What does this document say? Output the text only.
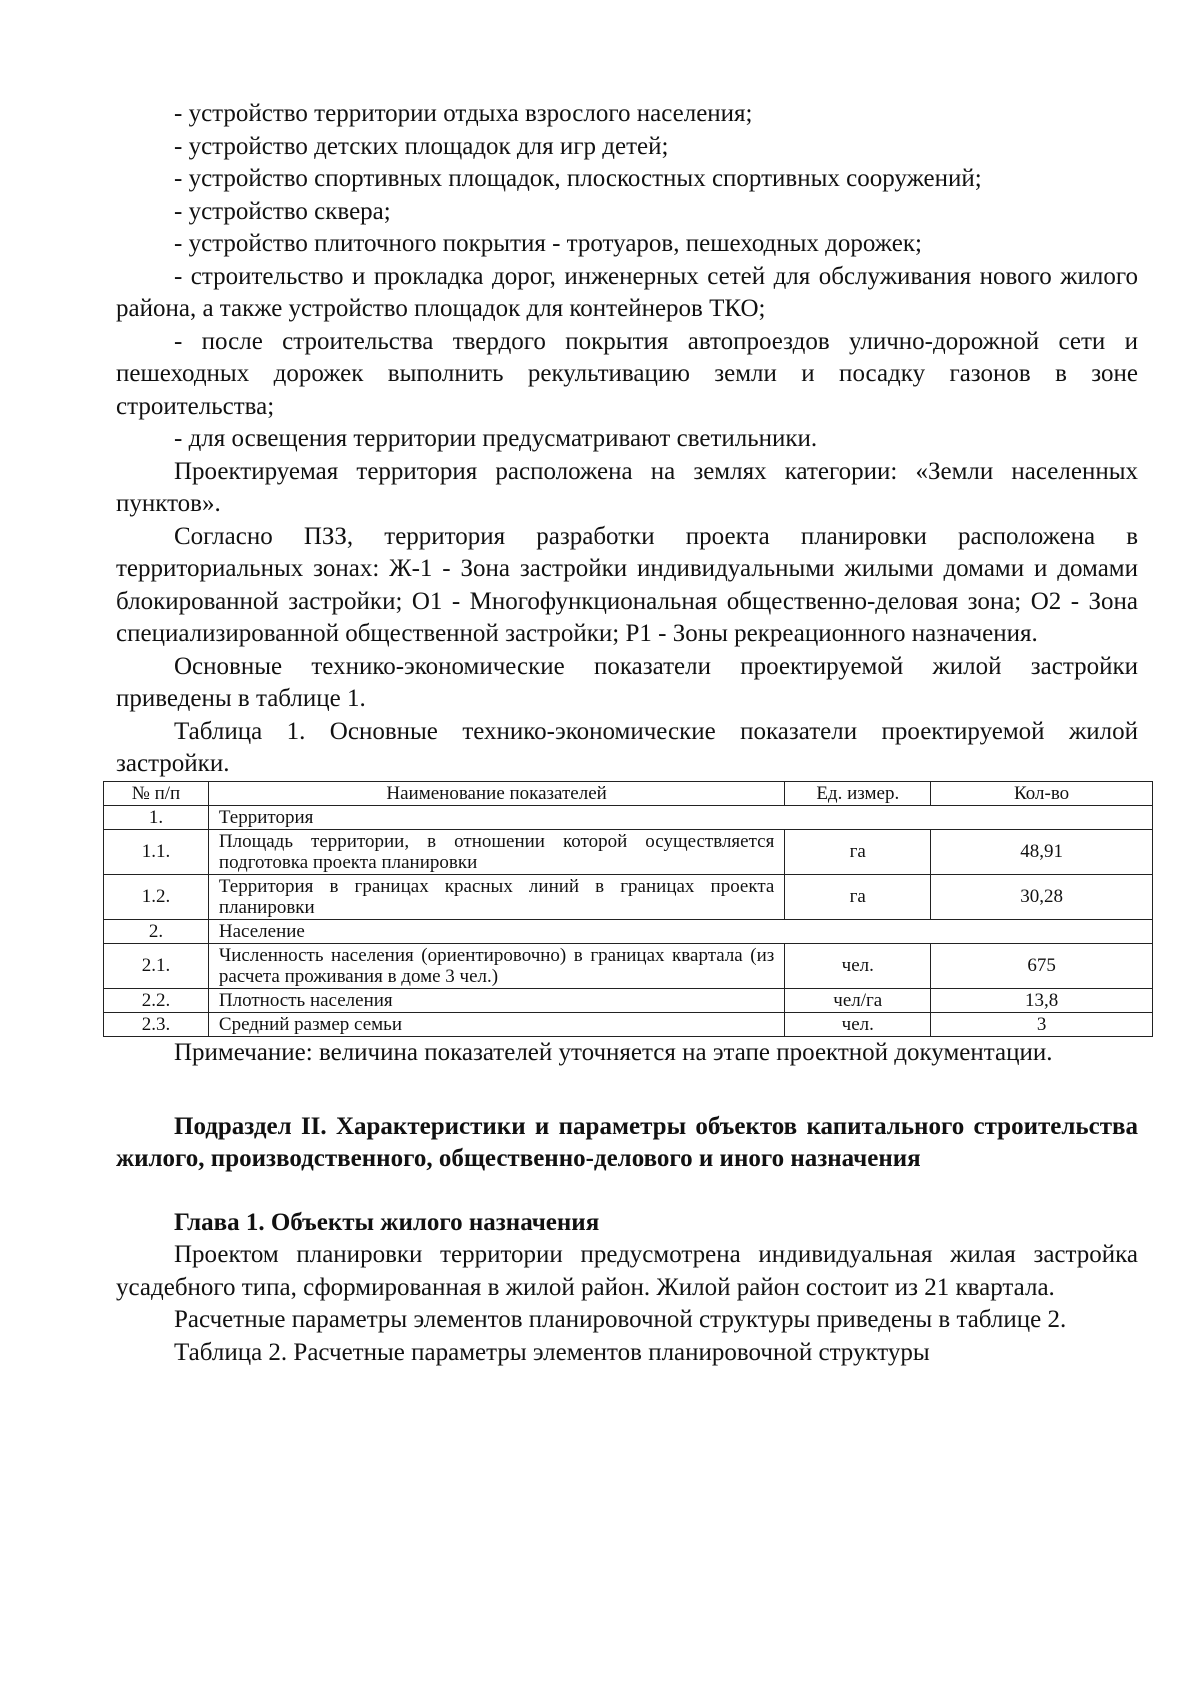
- устройство территории отдыха взрослого населения;

- устройство детских площадок для игр детей;

- устройство спортивных площадок, плоскостных спортивных сооружений;

- устройство сквера;

- устройство плиточного покрытия - тротуаров, пешеходных дорожек;

- строительство и прокладка дорог, инженерных сетей для обслуживания нового жилого района, а также устройство площадок для контейнеров ТКО;

- после строительства твердого покрытия автопроездов улично-дорожной сети и пешеходных дорожек выполнить рекультивацию земли и посадку газонов в зоне строительства;

- для освещения территории предусматривают светильники.

Проектируемая территория расположена на землях категории: «Земли населенных пунктов».

Согласно ПЗЗ, территория разработки проекта планировки расположена в территориальных зонах: Ж-1 - Зона застройки индивидуальными жилыми домами и домами блокированной застройки; О1 - Многофункциональная общественно-деловая зона; О2 - Зона специализированной общественной застройки; Р1 - Зоны рекреационного назначения.

Основные технико-экономические показатели проектируемой жилой застройки приведены в таблице 1.

Таблица 1. Основные технико-экономические показатели проектируемой жилой застройки.

№ п/п	Наименование показателей	Ед. измер.	Кол-во
1.	Территория		
1.1.	Площадь территории, в отношении которой осуществляется подготовка проекта планировки	га	48,91
1.2.	Территория в границах красных линий в границах проекта планировки	га	30,28
2.	Население		
2.1.	Численность населения (ориентировочно) в границах квартала (из расчета проживания в доме 3 чел.)	чел.	675
2.2.	Плотность населения	чел/га	13,8
2.3.	Средний размер семьи	чел.	3

Примечание: величина показателей уточняется на этапе проектной документации.

Подраздел II. Характеристики и параметры объектов капитального строительства жилого, производственного, общественно-делового и иного назначения

Глава 1. Объекты жилого назначения

Проектом планировки территории предусмотрена индивидуальная жилая застройка усадебного типа, сформированная в жилой район. Жилой район состоит из 21 квартала.

Расчетные параметры элементов планировочной структуры приведены в таблице 2.

Таблица 2. Расчетные параметры элементов планировочной структуры
